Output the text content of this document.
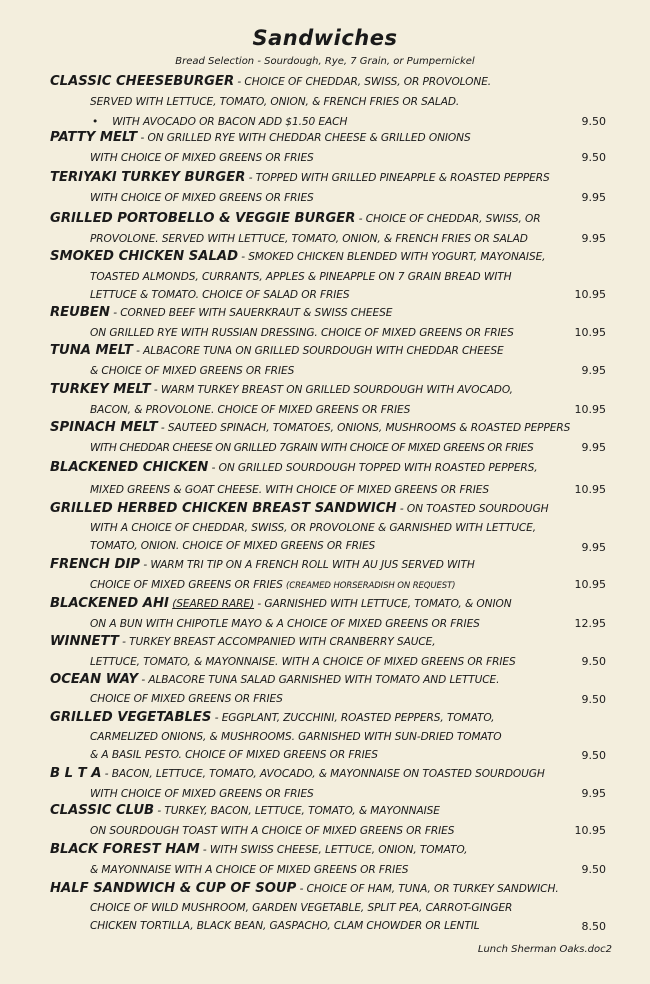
Sandwiches
Bread Selection - Sourdough, Rye, 7 Grain, or Pumpernickel
CLASSIC CHEESEBURGER - CHOICE OF CHEDDAR, SWISS, OR PROVOLONE.
SERVED WITH LETTUCE, TOMATO, ONION, & FRENCH FRIES OR SALAD.
• WITH AVOCADO OR BACON ADD $1.50 EACH	9.50
PATTY MELT - ON GRILLED RYE WITH CHEDDAR CHEESE & GRILLED ONIONS
WITH CHOICE OF MIXED GREENS OR FRIES	9.50
TERIYAKI TURKEY BURGER - TOPPED WITH GRILLED PINEAPPLE & ROASTED PEPPERS
WITH CHOICE OF MIXED GREENS OR FRIES	9.95
GRILLED PORTOBELLO & VEGGIE BURGER - CHOICE OF CHEDDAR, SWISS, OR
PROVOLONE. SERVED WITH LETTUCE, TOMATO, ONION, & FRENCH FRIES OR SALAD	9.95
SMOKED CHICKEN SALAD - SMOKED CHICKEN BLENDED WITH YOGURT, MAYONAISE,
TOASTED ALMONDS, CURRANTS, APPLES & PINEAPPLE ON 7 GRAIN BREAD WITH
LETTUCE & TOMATO. CHOICE OF SALAD OR FRIES	10.95
REUBEN - CORNED BEEF WITH SAUERKRAUT & SWISS CHEESE
ON GRILLED RYE WITH RUSSIAN DRESSING. CHOICE OF MIXED GREENS OR FRIES	10.95
TUNA MELT - ALBACORE TUNA ON GRILLED SOURDOUGH WITH CHEDDAR CHEESE
& CHOICE OF MIXED GREENS OR FRIES	9.95
TURKEY MELT - WARM TURKEY BREAST ON GRILLED SOURDOUGH WITH AVOCADO,
BACON, & PROVOLONE. CHOICE OF MIXED GREENS OR FRIES	10.95
SPINACH MELT - SAUTEED SPINACH, TOMATOES, ONIONS, MUSHROOMS & ROASTED PEPPERS
WITH CHEDDAR CHEESE ON GRILLED 7GRAIN WITH CHOICE OF MIXED GREENS OR FRIES	9.95
BLACKENED CHICKEN - ON GRILLED SOURDOUGH TOPPED WITH ROASTED PEPPERS,
MIXED GREENS & GOAT CHEESE. WITH CHOICE OF MIXED GREENS OR FRIES	10.95
GRILLED HERBED CHICKEN BREAST SANDWICH - ON TOASTED SOURDOUGH
WITH A CHOICE OF CHEDDAR, SWISS, OR PROVOLONE & GARNISHED WITH LETTUCE,
TOMATO, ONION. CHOICE OF MIXED GREENS OR FRIES	9.95
FRENCH DIP - WARM TRI TIP ON A FRENCH ROLL WITH AU JUS SERVED WITH
CHOICE OF MIXED GREENS OR FRIES (CREAMED HORSERADISH ON REQUEST)	10.95
BLACKENED AHI (SEARED RARE) - GARNISHED WITH LETTUCE, TOMATO, & ONION
ON A BUN WITH CHIPOTLE MAYO & A CHOICE OF MIXED GREENS OR FRIES	12.95
WINNETT - TURKEY BREAST ACCOMPANIED WITH CRANBERRY SAUCE,
LETTUCE, TOMATO, & MAYONNAISE. WITH A CHOICE OF MIXED GREENS OR FRIES	9.50
OCEAN WAY - ALBACORE TUNA SALAD GARNISHED WITH TOMATO AND LETTUCE.
CHOICE OF MIXED GREENS OR FRIES	9.50
GRILLED VEGETABLES - EGGPLANT, ZUCCHINI, ROASTED PEPPERS, TOMATO,
CARMELIZED ONIONS, & MUSHROOMS. GARNISHED WITH SUN-DRIED TOMATO
& A BASIL PESTO. CHOICE OF MIXED GREENS OR FRIES	9.50
B L T A - BACON, LETTUCE, TOMATO, AVOCADO, & MAYONNAISE ON TOASTED SOURDOUGH
WITH CHOICE OF MIXED GREENS OR FRIES	9.95
CLASSIC CLUB - TURKEY, BACON, LETTUCE, TOMATO, & MAYONNAISE
ON SOURDOUGH TOAST WITH A CHOICE OF MIXED GREENS OR FRIES	10.95
BLACK FOREST HAM - WITH SWISS CHEESE, LETTUCE, ONION, TOMATO,
& MAYONNAISE WITH A CHOICE OF MIXED GREENS OR FRIES	9.50
HALF SANDWICH & CUP OF SOUP - CHOICE OF HAM, TUNA, OR TURKEY SANDWICH.
CHOICE OF WILD MUSHROOM, GARDEN VEGETABLE, SPLIT PEA, CARROT-GINGER
CHICKEN TORTILLA, BLACK BEAN, GASPACHO, CLAM CHOWDER OR LENTIL	8.50
Lunch Sherman Oaks.doc2
